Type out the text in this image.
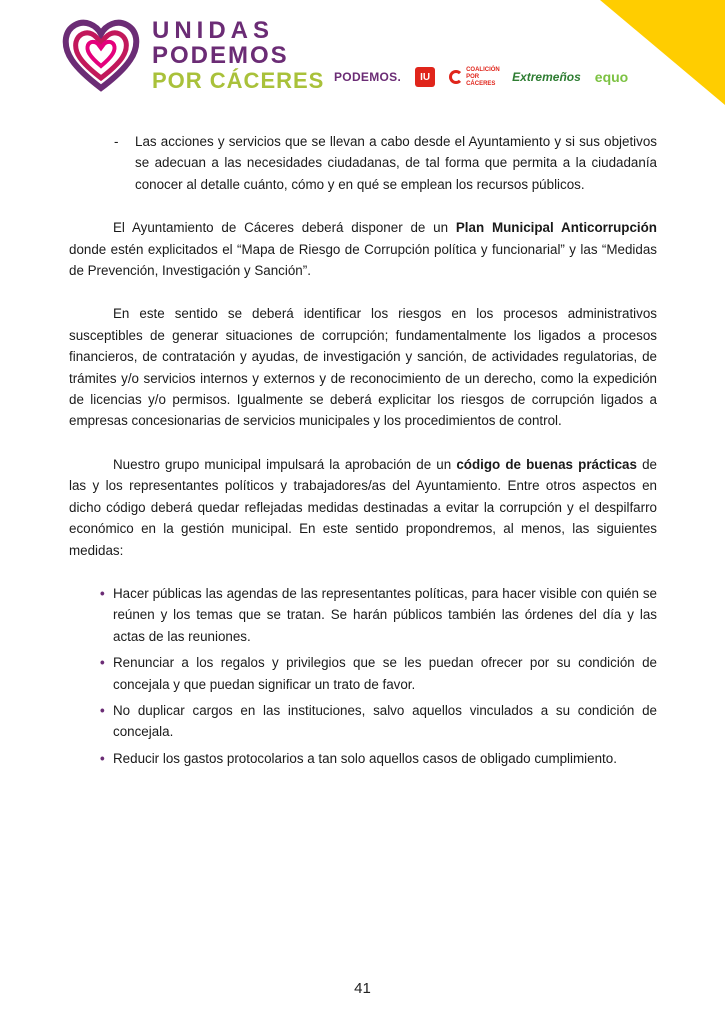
UNIDAS
PODEMOS
POR CÁCERES PODEMOS.	IU
COALICIÓN POR CÁCERES Extremeños equo

- Las acciones y servicios que se llevan a cabo desde el Ayuntamiento y si sus objetivos se adecuan a las necesidades ciudadanas, de tal forma que permita a la ciudadanía conocer al detalle cuánto, cómo y en qué se emplean los recursos públicos.

El Ayuntamiento de Cáceres deberá disponer de un Plan Municipal Anticorrupción donde estén explicitados el “Mapa de Riesgo de Corrupción política y funcionarial” y las “Medidas de Prevención, Investigación y Sanción”.

En este sentido se deberá identificar los riesgos en los procesos administrativos susceptibles de generar situaciones de corrupción; fundamentalmente los ligados a procesos financieros, de contratación y ayudas, de investigación y sanción, de actividades regulatorias, de trámites y/o servicios internos y externos y de reconocimiento de un derecho, como la expedición de licencias y/o permisos. Igualmente se deberá explicitar los riesgos de corrupción ligados a empresas concesionarias de servicios municipales y los procedimientos de control.

Nuestro grupo municipal impulsará la aprobación de un código de buenas prácticas de las y los representantes políticos y trabajadores/as del Ayuntamiento. Entre otros aspectos en dicho código deberá quedar reflejadas medidas destinadas a evitar la corrupción y el despilfarro económico en la gestión municipal. En este sentido propondremos, al menos, las siguientes medidas:

• Hacer públicas las agendas de las representantes políticas, para hacer visible con quién se reúnen y los temas que se tratan. Se harán públicos también las órdenes del día y las actas de las reuniones.
• Renunciar a los regalos y privilegios que se les puedan ofrecer por su condición de concejala y que puedan significar un trato de favor.
• No duplicar cargos en las instituciones, salvo aquellos vinculados a su condición de concejala.
• Reducir los gastos protocolarios a tan solo aquellos casos de obligado cumplimiento.
41
